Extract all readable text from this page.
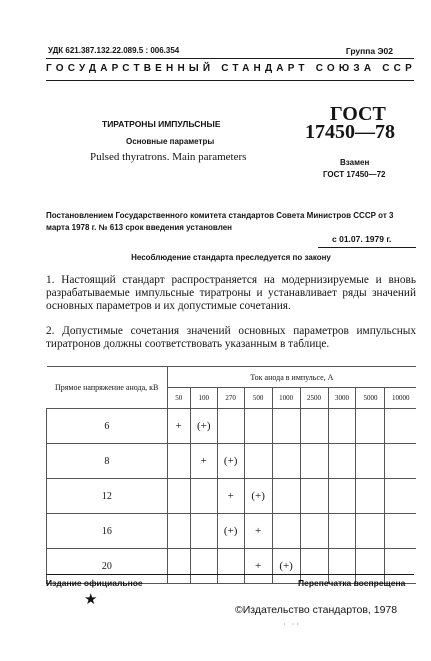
УДК 621.387.132.22.089.5 : 006.354	Группа Э02
ГОСУДАРСТВЕННЫЙ СТАНДАРТ СОЮЗА ССР
ТИРАТРОНЫ ИМПУЛЬСНЫЕ
Основные параметры
Pulsed thyratrons. Main parameters
ГОСТ
17450—78
Взамен
ГОСТ 17450—72
Постановлением Государственного комитета стандартов Совета Министров СССР от 3 марта 1978 г. № 613 срок введения установлен
с 01.07. 1979 г.
Несоблюдение стандарта преследуется по закону
1. Настоящий стандарт распространяется на модернизируемые и вновь разрабатываемые импульсные тиратроны и устанавливает ряды значений основных параметров и их допустимые сочетания.
2. Допустимые сочетания значений основных параметров импульсных тиратронов должны соответствовать указанным в таблице.
Прямое напряжение анода, кВ	Ток анода в импульсе, А								
	50	100	270	500	1000	2500	3000	5000	10000
6	+	(+)							
8		+	(+)						
12			+	(+)					
16			(+)	+					
20				+	(+)				
Издание официальное	Перепечатка воспрещена
★
©Издательство стандартов, 1978
· ··
